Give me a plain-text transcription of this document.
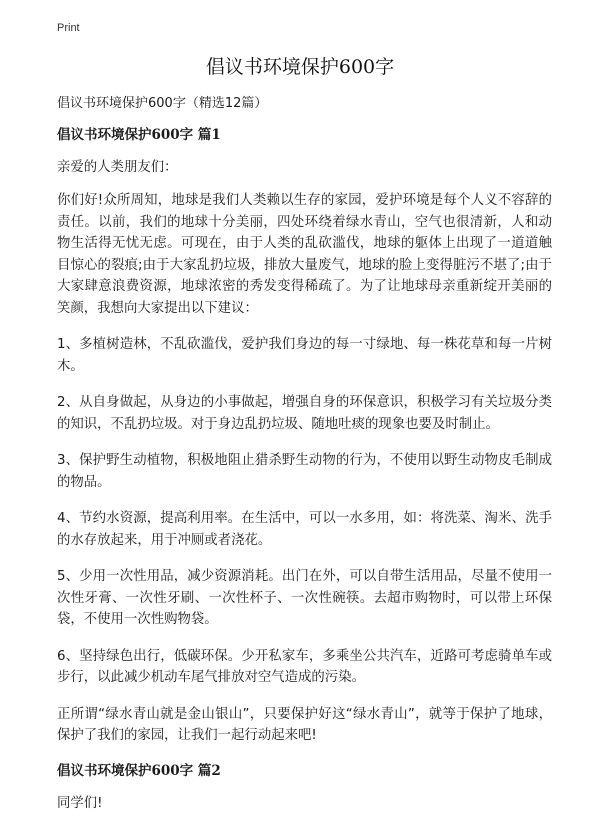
Print
倡议书环境保护600字
倡议书环境保护600字（精选12篇）
倡议书环境保护600字 篇1
亲爱的人类朋友们：
你们好!众所周知，地球是我们人类赖以生存的家园，爱护环境是每个人义不容辞的责任。以前，我们的地球十分美丽，四处环绕着绿水青山，空气也很清新，人和动物生活得无忧无虑。可现在，由于人类的乱砍滥伐，地球的躯体上出现了一道道触目惊心的裂痕;由于大家乱扔垃圾，排放大量废气，地球的脸上变得脏污不堪了;由于大家肆意浪费资源，地球浓密的秀发变得稀疏了。为了让地球母亲重新绽开美丽的笑颜，我想向大家提出以下建议：
1、多植树造林，不乱砍滥伐，爱护我们身边的每一寸绿地、每一株花草和每一片树木。
2、从自身做起，从身边的小事做起，增强自身的环保意识，积极学习有关垃圾分类的知识，不乱扔垃圾。对于身边乱扔垃圾、随地吐痰的现象也要及时制止。
3、保护野生动植物，积极地阻止猎杀野生动物的行为，不使用以野生动物皮毛制成的物品。
4、节约水资源，提高利用率。在生活中，可以一水多用，如：将洗菜、淘米、洗手的水存放起来，用于冲厕或者浇花。
5、少用一次性用品，减少资源消耗。出门在外，可以自带生活用品，尽量不使用一次性牙膏、一次性牙刷、一次性杯子、一次性碗筷。去超市购物时，可以带上环保袋，不使用一次性购物袋。
6、坚持绿色出行，低碳环保。少开私家车，多乘坐公共汽车，近路可考虑骑单车或步行，以此减少机动车尾气排放对空气造成的污染。
正所谓“绿水青山就是金山银山”，只要保护好这“绿水青山”，就等于保护了地球，保护了我们的家园，让我们一起行动起来吧!
倡议书环境保护600字 篇2
同学们!
